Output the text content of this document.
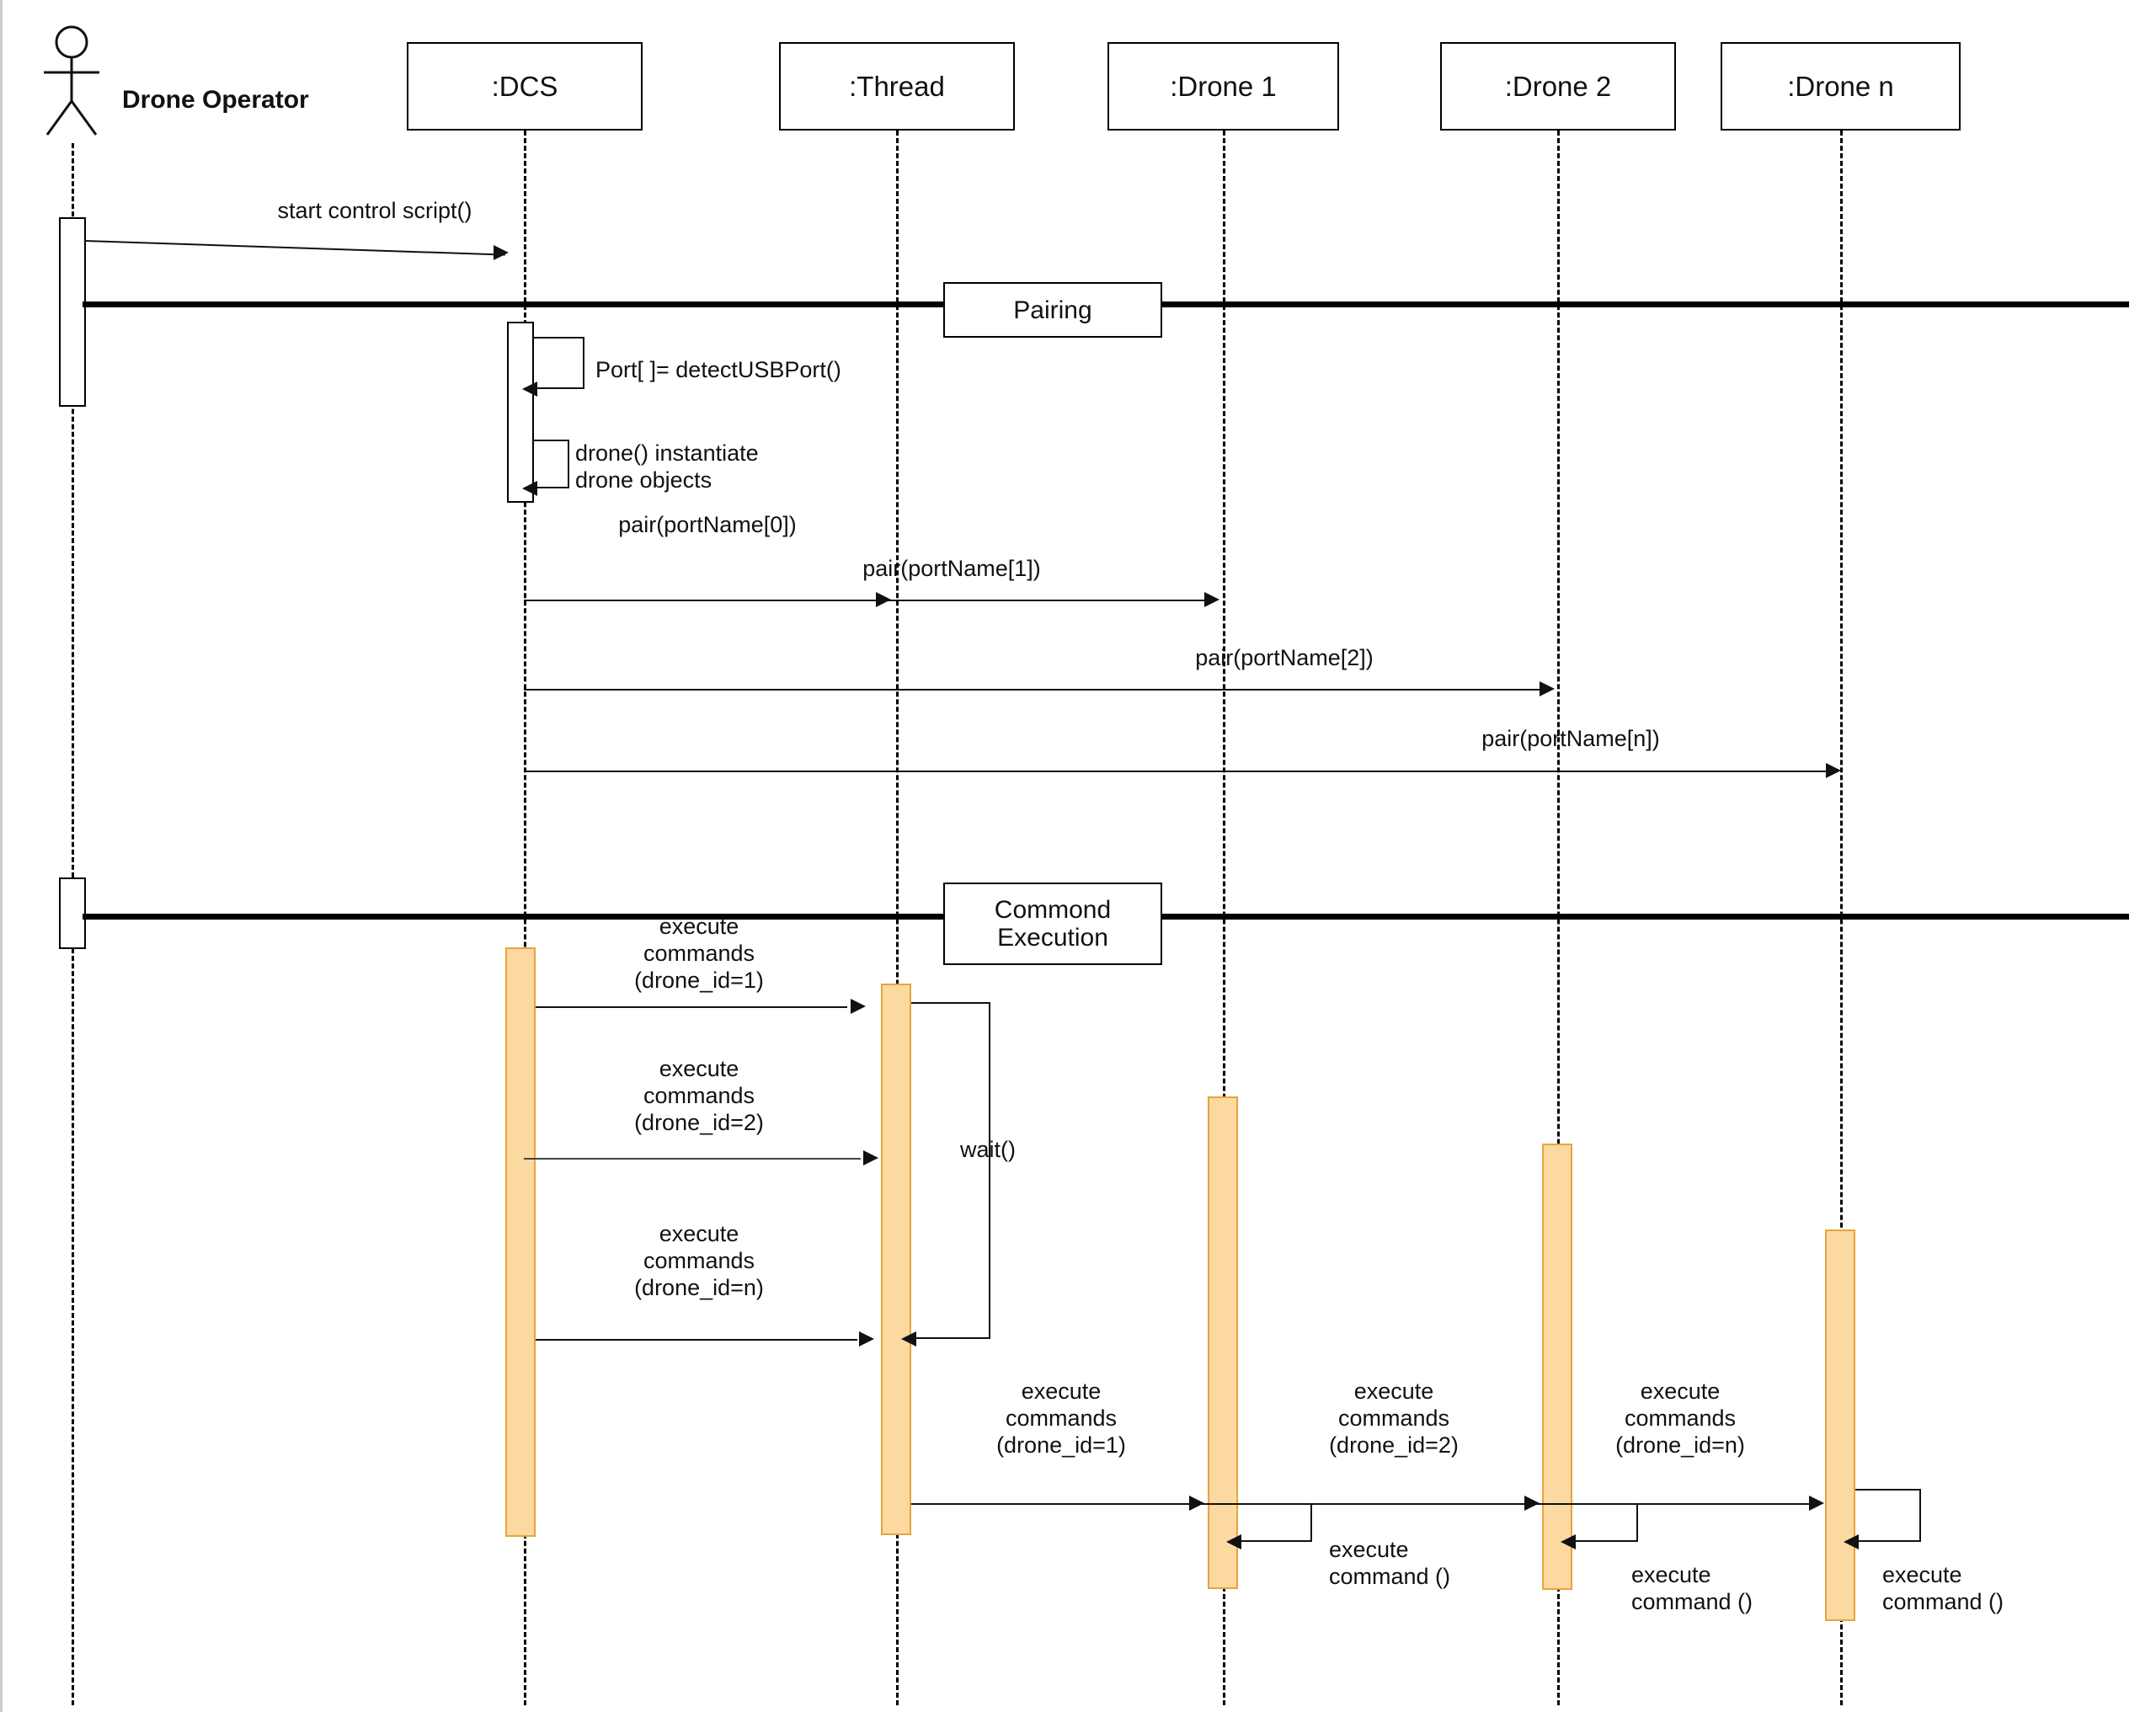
Drone Operator	:DCS	:Thread	:Drone 1	:Drone 2	:Drone n
start control script()
Pairing
Port[ ]= detectUSBPort()
drone() instantiate
drone objects
pair(portName[0])
pair(portName[1])
pair(portName[2])
pair(portName[n])
Commond Execution
execute
commands
(drone_id=1)
execute
commands
(drone_id=2)
execute
commands
(drone_id=n)
wait()
execute
commands
(drone_id=1)
execute
commands
(drone_id=2)
execute
commands
(drone_id=n)
execute
command ()	execute
command ()
execute
command ()
